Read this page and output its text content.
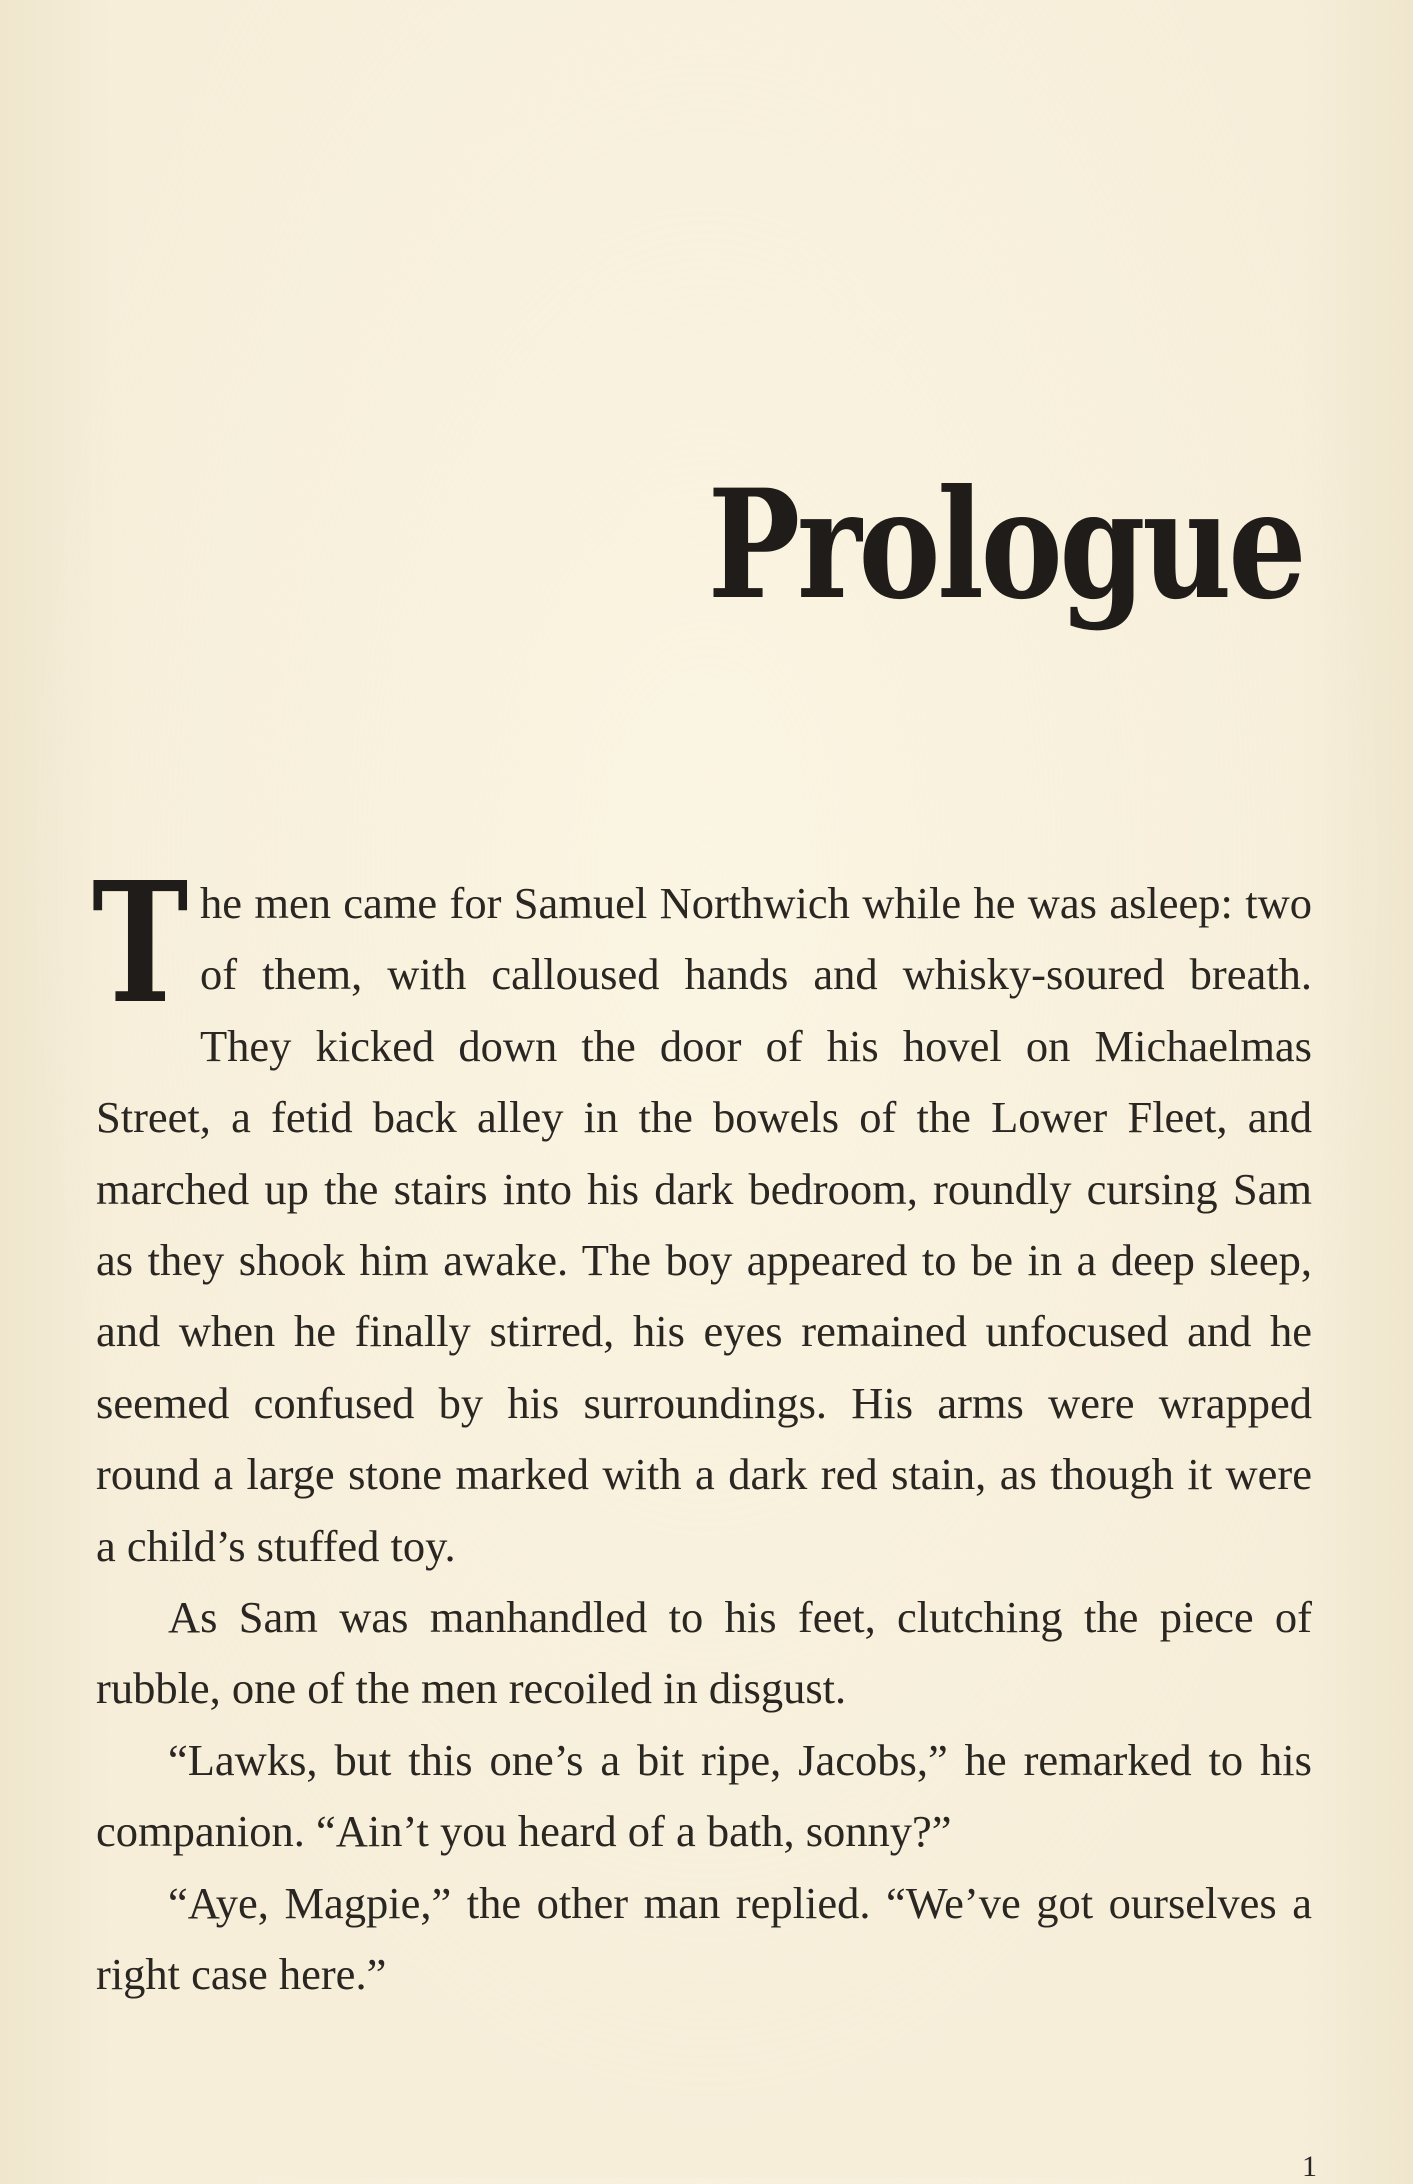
Prologue

The men came for Samuel Northwich while he was asleep: two of them, with calloused hands and whisky-soured breath. They kicked down the door of his hovel on Michaelmas Street, a fetid back alley in the bowels of the Lower Fleet, and marched up the stairs into his dark bedroom, roundly cursing Sam as they shook him awake. The boy appeared to be in a deep sleep, and when he finally stirred, his eyes remained unfocused and he seemed confused by his surroundings. His arms were wrapped round a large stone marked with a dark red stain, as though it were a child’s stuffed toy.

As Sam was manhandled to his feet, clutching the piece of rubble, one of the men recoiled in disgust.

“Lawks, but this one’s a bit ripe, Jacobs,” he remarked to his companion. “Ain’t you heard of a bath, sonny?”

“Aye, Magpie,” the other man replied. “We’ve got ourselves a right case here.”

1
